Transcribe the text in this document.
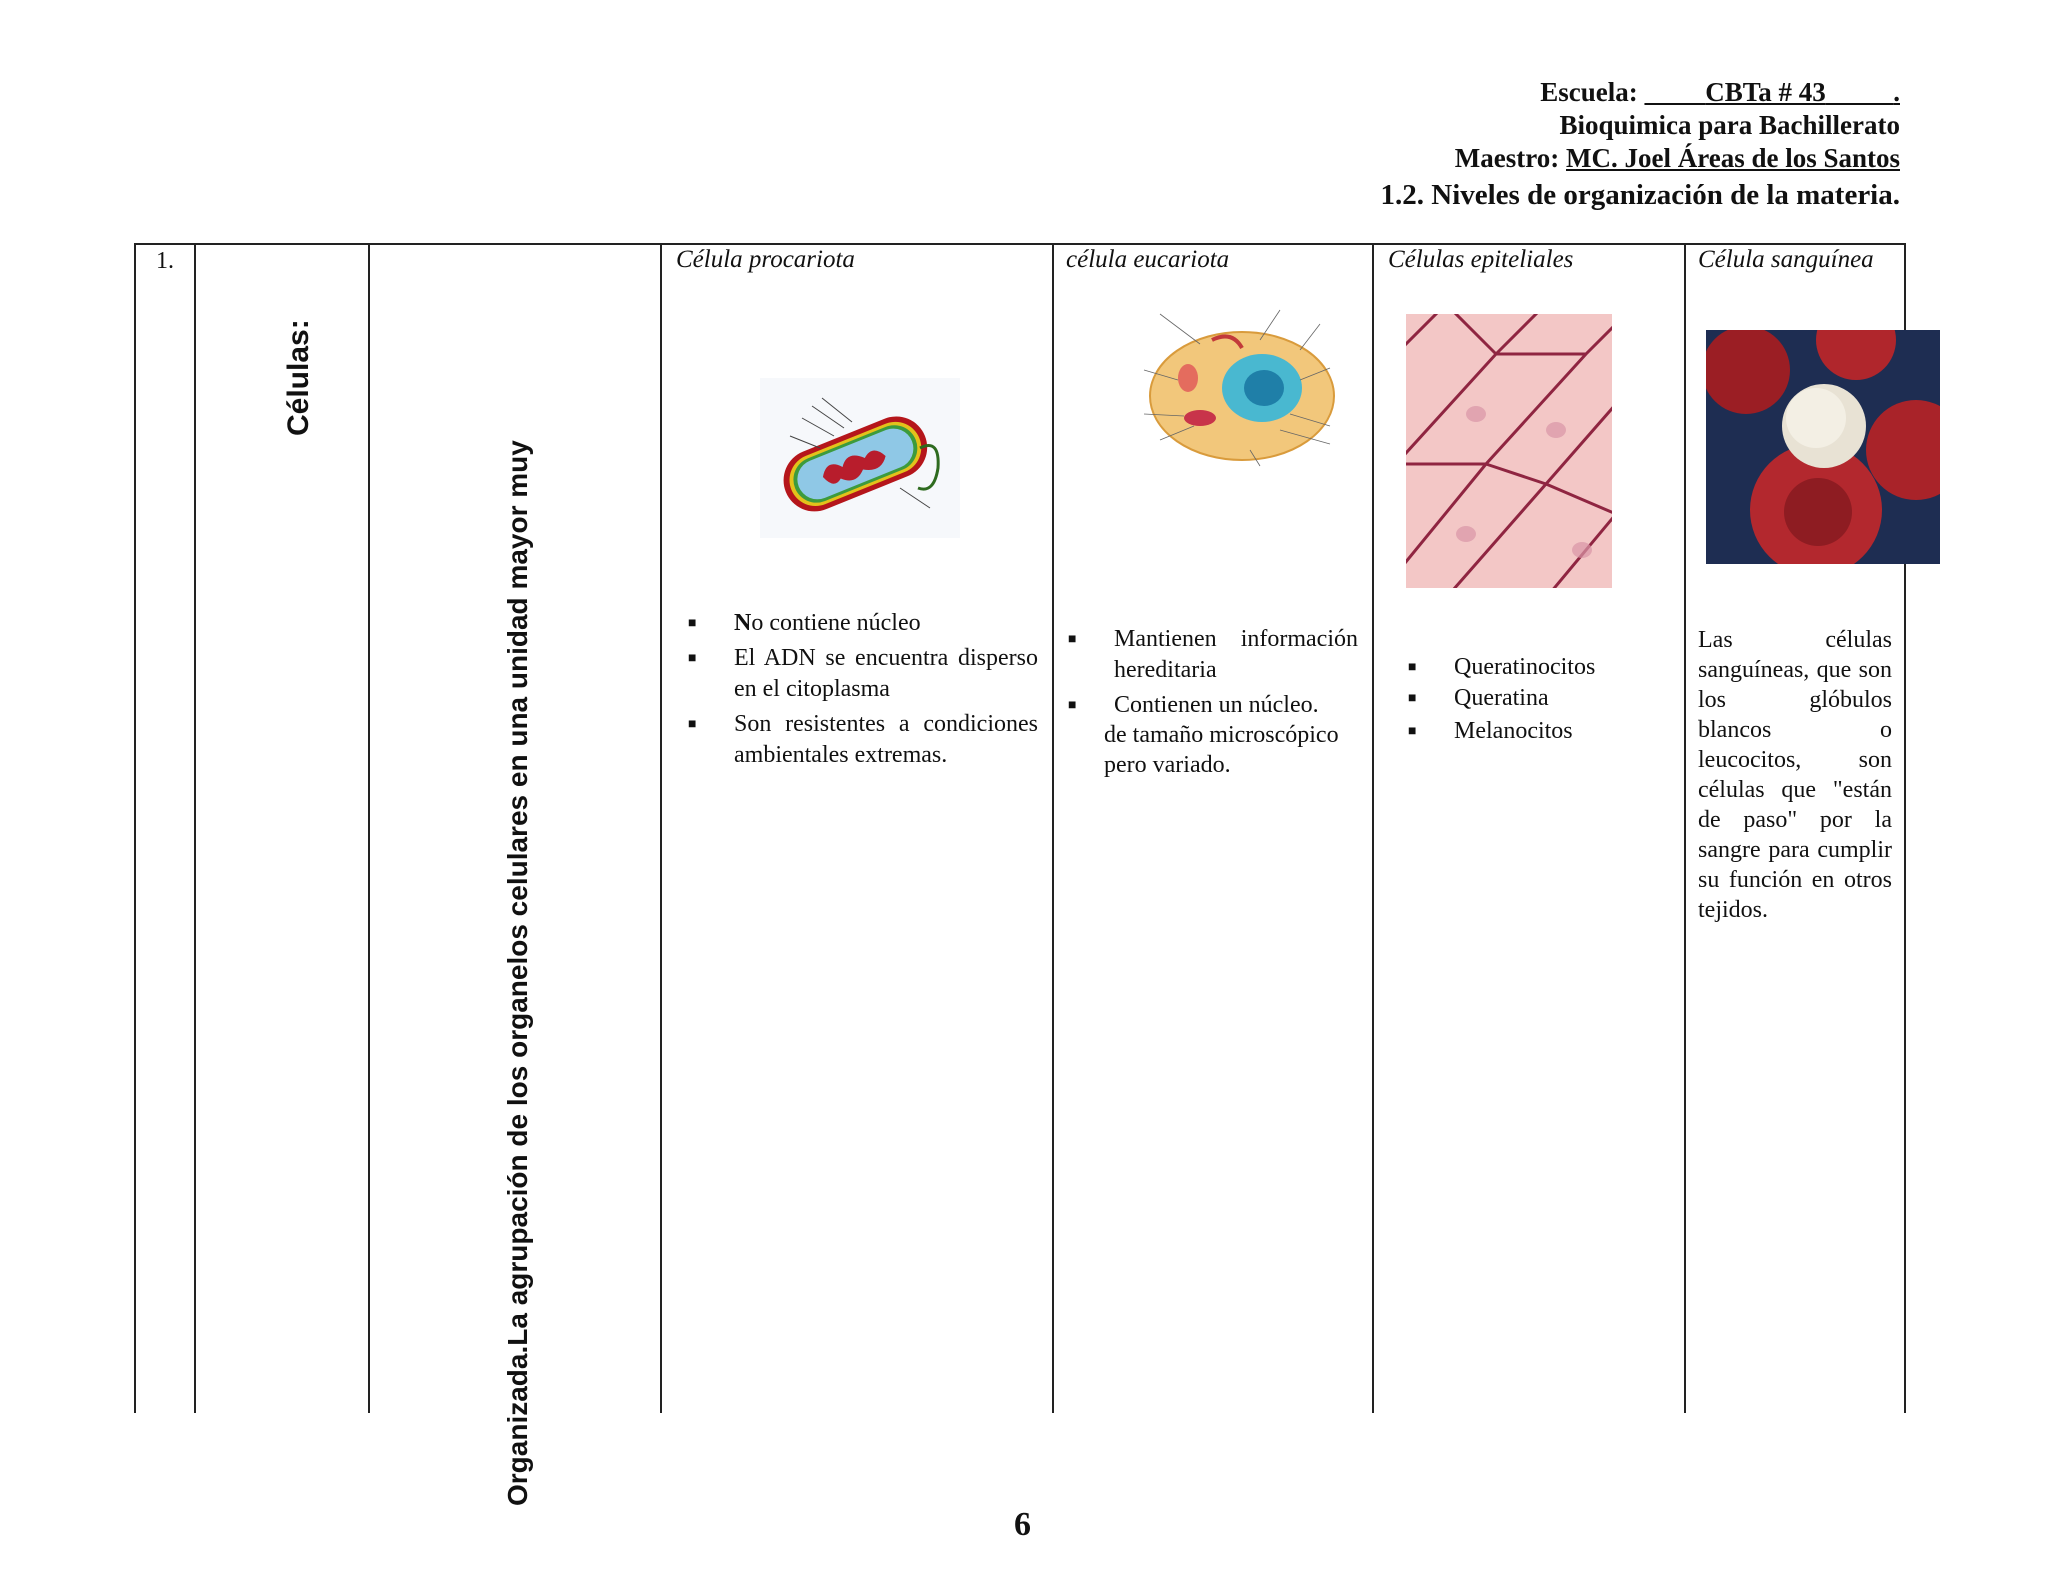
Escuela:	CBTa # 43	.
Bioquimica para Bachillerato
Maestro: MC. Joel Áreas de los Santos
1.2. Niveles de organización de la materia.
1.
Células:
Organizada.La agrupación de los organelos celulares en una unidad mayor muy
Célula procariota
■ No contiene núcleo
■ El ADN se encuentra disperso en el citoplasma
■ Son resistentes a condiciones ambientales extremas.
célula eucariota
■ Mantienen información hereditaria
■ Contienen un núcleo.
de tamaño microscópico pero variado.
Células epiteliales
■ Queratinocitos
■ Queratina
■ Melanocitos
Célula sanguínea
Las células sanguíneas, que son los glóbulos blancos o leucocitos, son células que "están de paso" por la sangre para cumplir su función en otros tejidos.
6
